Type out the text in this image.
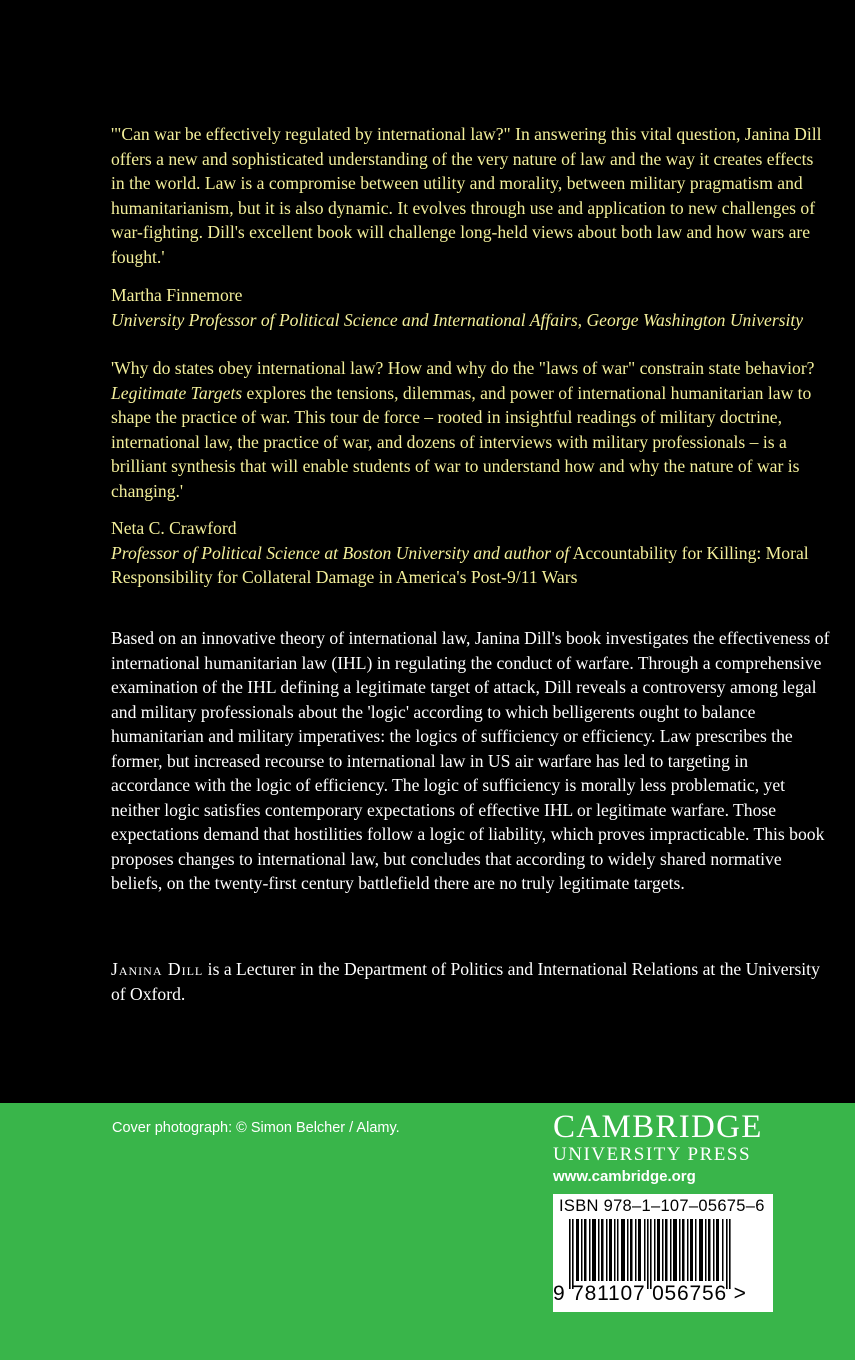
'"Can war be effectively regulated by international law?" In answering this vital question, Janina Dill offers a new and sophisticated understanding of the very nature of law and the way it creates effects in the world. Law is a compromise between utility and morality, between military pragmatism and humanitarianism, but it is also dynamic. It evolves through use and application to new challenges of war-fighting. Dill's excellent book will challenge long-held views about both law and how wars are fought.'

Martha Finnemore
University Professor of Political Science and International Affairs, George Washington University

'Why do states obey international law? How and why do the "laws of war" constrain state behavior? Legitimate Targets explores the tensions, dilemmas, and power of international humanitarian law to shape the practice of war. This tour de force – rooted in insightful readings of military doctrine, international law, the practice of war, and dozens of interviews with military professionals – is a brilliant synthesis that will enable students of war to understand how and why the nature of war is changing.'

Neta C. Crawford
Professor of Political Science at Boston University and author of Accountability for Killing: Moral Responsibility for Collateral Damage in America's Post-9/11 Wars

Based on an innovative theory of international law, Janina Dill's book investigates the effectiveness of international humanitarian law (IHL) in regulating the conduct of warfare. Through a comprehensive examination of the IHL defining a legitimate target of attack, Dill reveals a controversy among legal and military professionals about the 'logic' according to which belligerents ought to balance humanitarian and military imperatives: the logics of sufficiency or efficiency. Law prescribes the former, but increased recourse to international law in US air warfare has led to targeting in accordance with the logic of efficiency. The logic of sufficiency is morally less problematic, yet neither logic satisfies contemporary expectations of effective IHL or legitimate warfare. Those expectations demand that hostilities follow a logic of liability, which proves impracticable. This book proposes changes to international law, but concludes that according to widely shared normative beliefs, on the twenty-first century battlefield there are no truly legitimate targets.

Janina Dill is a Lecturer in the Department of Politics and International Relations at the University of Oxford.

Cover photograph: © Simon Belcher / Alamy.	CAMBRIDGE
UNIVERSITY PRESS
www.cambridge.org
ISBN 978–1–107–05675–6
9 781107 056756 >
